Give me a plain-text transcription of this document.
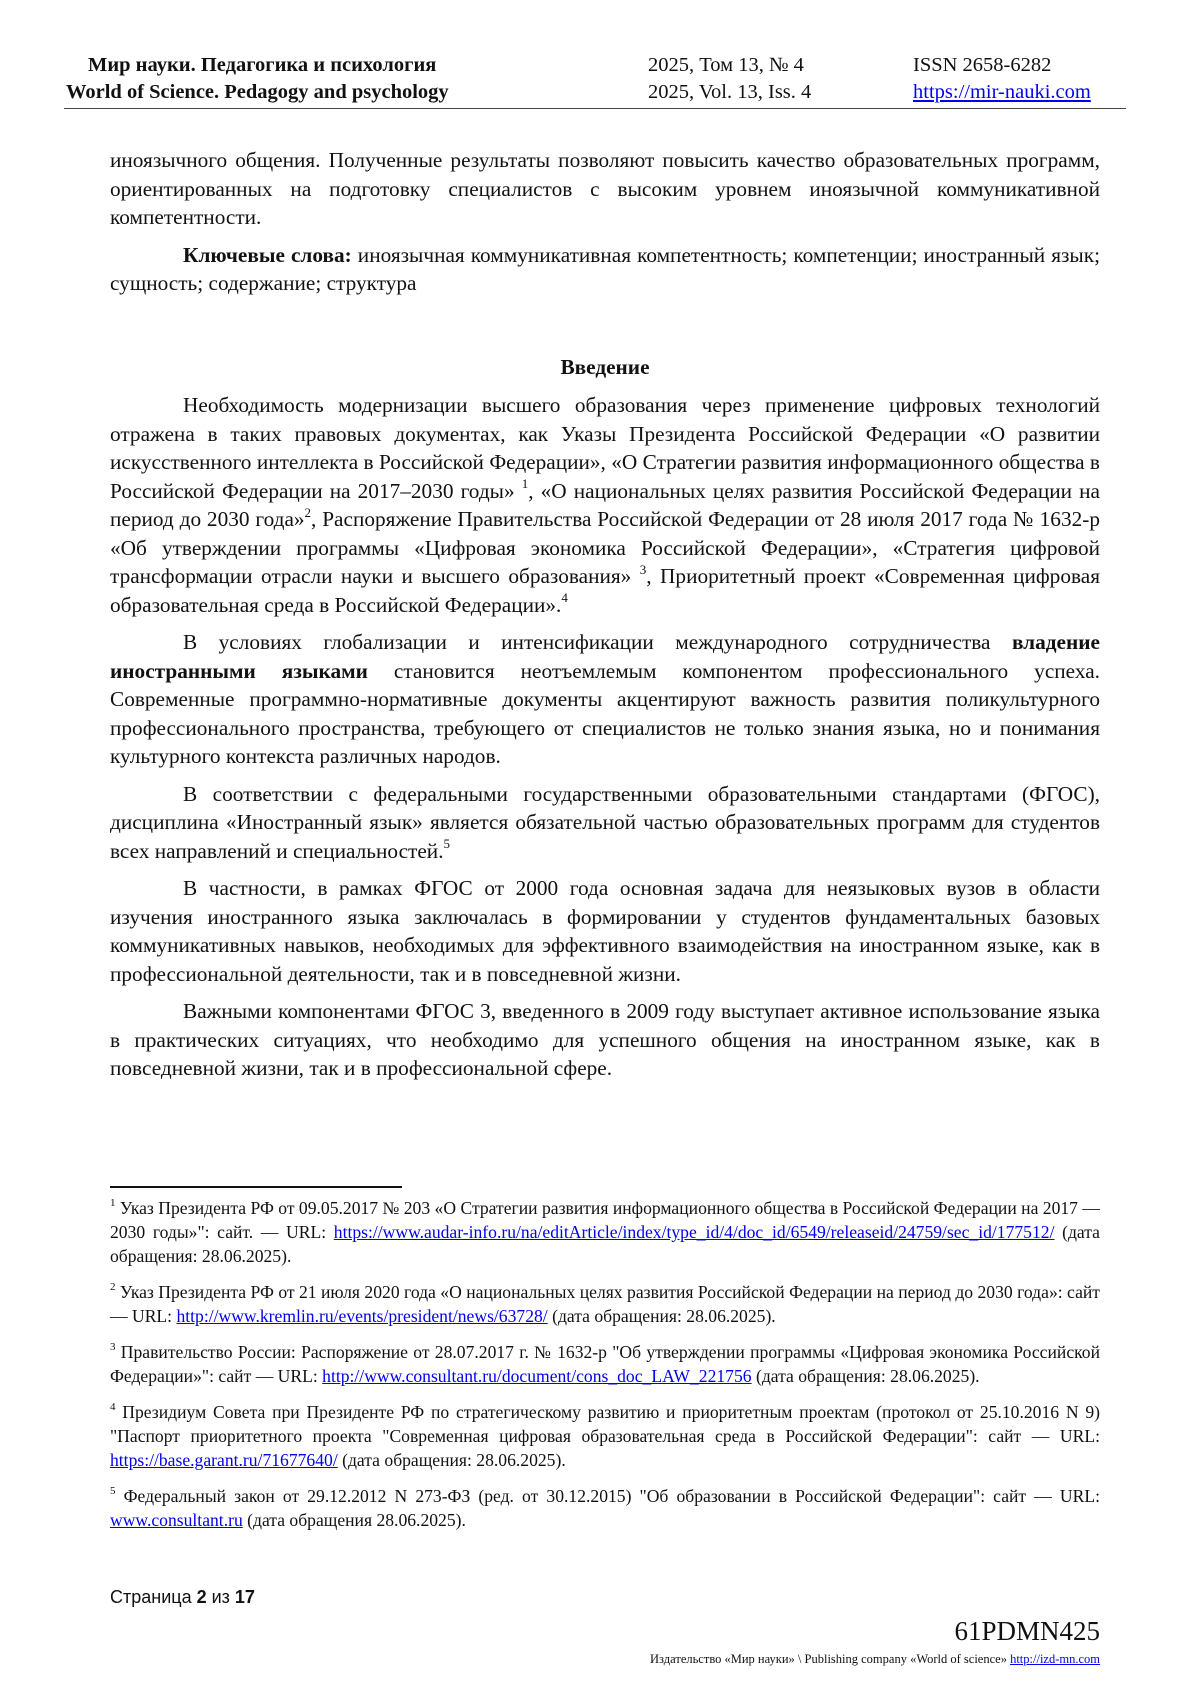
Мир науки. Педагогика и психология
World of Science. Pedagogy and psychology
2025, Том 13, № 4
2025, Vol. 13, Iss. 4
ISSN 2658-6282
https://mir-nauki.com

иноязычного общения. Полученные результаты позволяют повысить качество образовательных программ, ориентированных на подготовку специалистов с высоким уровнем иноязычной коммуникативной компетентности.

Ключевые слова: иноязычная коммуникативная компетентность; компетенции; иностранный язык; сущность; содержание; структура

Введение

Необходимость модернизации высшего образования через применение цифровых технологий отражена в таких правовых документах, как Указы Президента Российской Федерации «О развитии искусственного интеллекта в Российской Федерации», «О Стратегии развития информационного общества в Российской Федерации на 2017–2030 годы» $^1$, «О национальных целях развития Российской Федерации на период до 2030 года»$^2$, Распоряжение Правительства Российской Федерации от 28 июля 2017 года № 1632-р «Об утверждении программы «Цифровая экономика Российской Федерации», «Стратегия цифровой трансформации отрасли науки и высшего образования» $^3$, Приоритетный проект «Современная цифровая образовательная среда в Российской Федерации».$^4$

В условиях глобализации и интенсификации международного сотрудничества владение иностранными языками становится неотъемлемым компонентом профессионального успеха. Современные программно-нормативные документы акцентируют важность развития поликультурного профессионального пространства, требующего от специалистов не только знания языка, но и понимания культурного контекста различных народов.

В соответствии с федеральными государственными образовательными стандартами (ФГОС), дисциплина «Иностранный язык» является обязательной частью образовательных программ для студентов всех направлений и специальностей.$^5$

В частности, в рамках ФГОС от 2000 года основная задача для неязыковых вузов в области изучения иностранного языка заключалась в формировании у студентов фундаментальных базовых коммуникативных навыков, необходимых для эффективного взаимодействия на иностранном языке, как в профессиональной деятельности, так и в повседневной жизни.

Важными компонентами ФГОС 3, введенного в 2009 году выступает активное использование языка в практических ситуациях, что необходимо для успешного общения на иностранном языке, как в повседневной жизни, так и в профессиональной сфере.

$^1$ Указ Президента РФ от 09.05.2017 № 203 «О Стратегии развития информационного общества в Российской Федерации на 2017 — 2030 годы»": сайт. — URL: https://www.audar-info.ru/na/editArticle/index/type_id/4/doc_id/6549/releaseid/24759/sec_id/177512/ (дата обращения: 28.06.2025).

$^2$ Указ Президента РФ от 21 июля 2020 года «О национальных целях развития Российской Федерации на период до 2030 года»: сайт — URL: http://www.kremlin.ru/events/president/news/63728/ (дата обращения: 28.06.2025).

$^3$ Правительство России: Распоряжение от 28.07.2017 г. № 1632-р "Об утверждении программы «Цифровая экономика Российской Федерации»": сайт — URL: http://www.consultant.ru/document/cons_doc_LAW_221756 (дата обращения: 28.06.2025).

$^4$ Президиум Совета при Президенте РФ по стратегическому развитию и приоритетным проектам (протокол от 25.10.2016 N 9) "Паспорт приоритетного проекта "Современная цифровая образовательная среда в Российской Федерации": сайт — URL: https://base.garant.ru/71677640/ (дата обращения: 28.06.2025).

$^5$ Федеральный закон от 29.12.2012 N 273-ФЗ (ред. от 30.12.2015) "Об образовании в Российской Федерации": сайт — URL: www.consultant.ru (дата обращения 28.06.2025).

Страница 2 из 17
61PDMN425
Издательство «Мир науки» \ Publishing company «World of science» http://izd-mn.com
